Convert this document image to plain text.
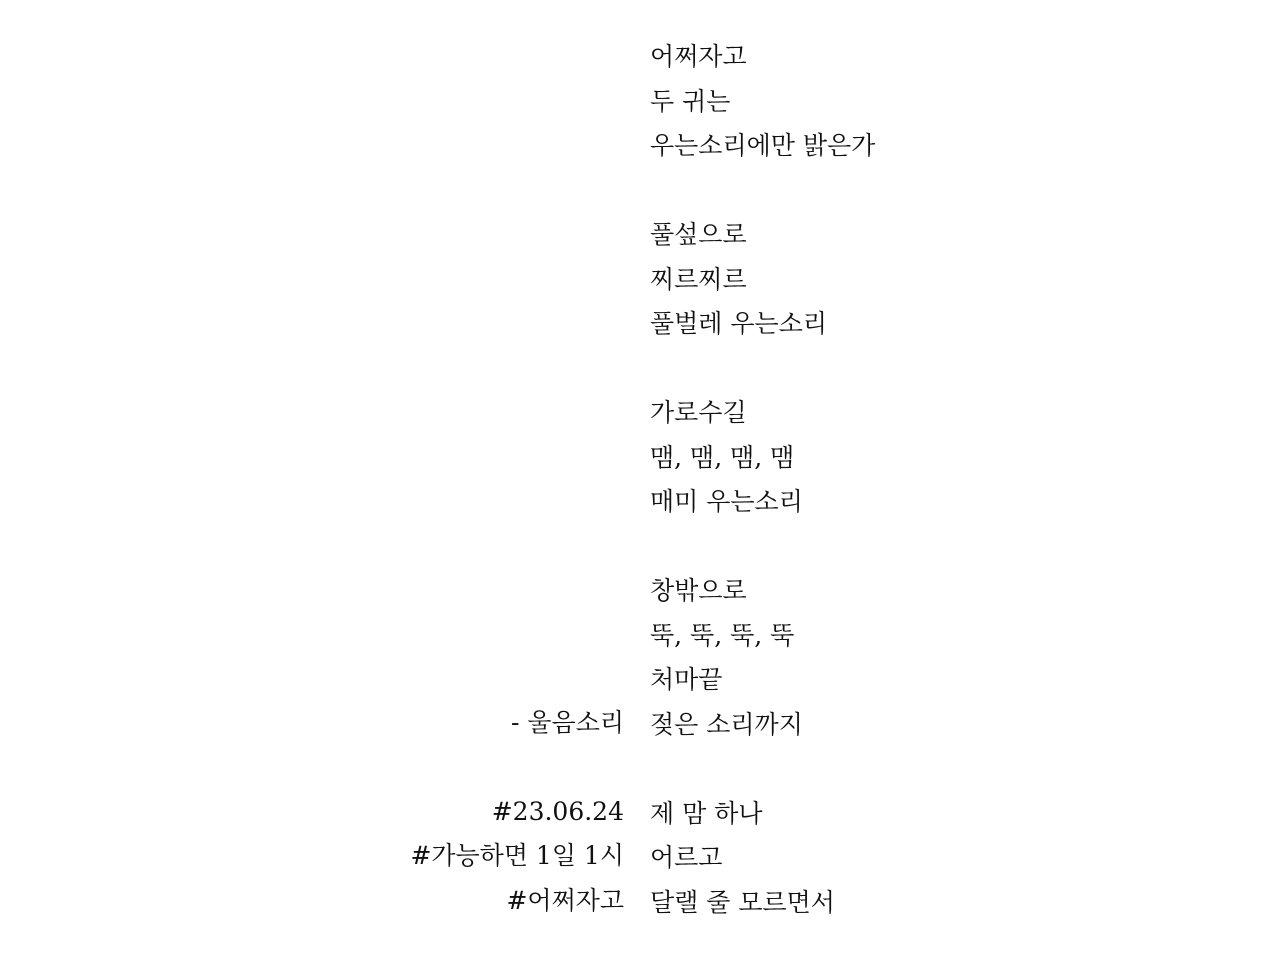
어쩌자고
두 귀는
우는소리에만 밝은가
풀섶으로
찌르찌르
풀벌레 우는소리
가로수길
맴, 맴, 맴, 맴
매미 우는소리
창밖으로
뚝, 뚝, 뚝, 뚝
처마끝
젖은 소리까지
제 맘 하나
어르고
달랠 줄 모르면서
- 울음소리
#23.06.24
#가능하면 1일 1시
#어쩌자고
